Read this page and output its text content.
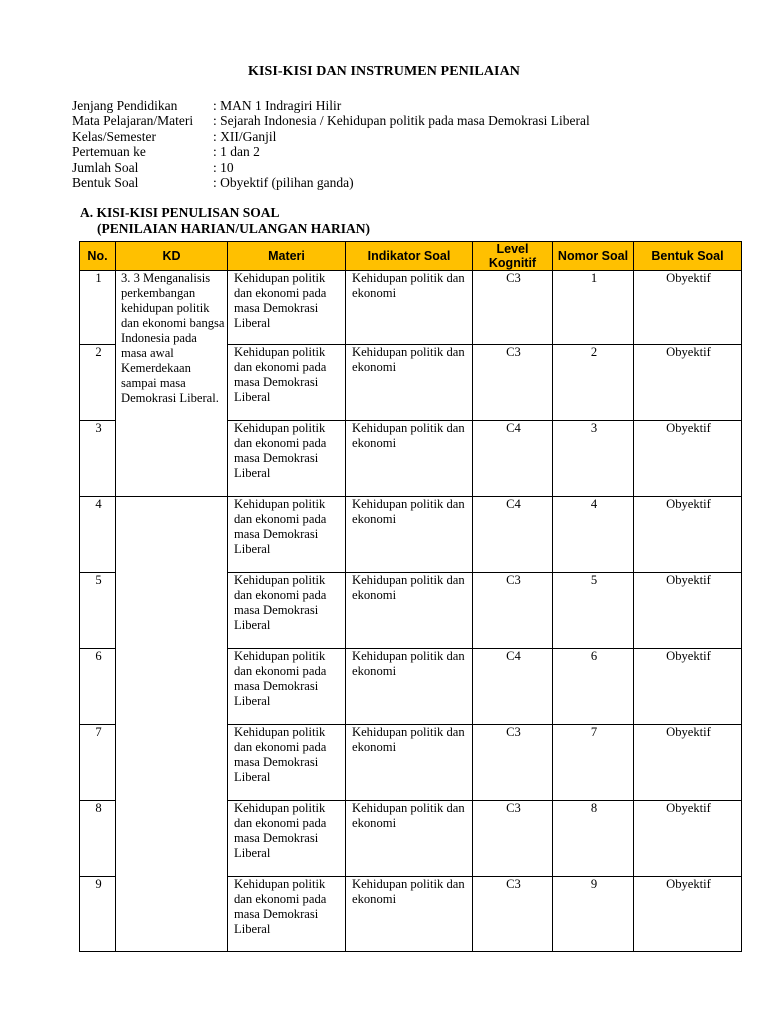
KISI-KISI DAN INSTRUMEN PENILAIAN
Jenjang Pendidikan	: MAN 1 Indragiri Hilir
Mata Pelajaran/Materi	: Sejarah Indonesia / Kehidupan politik pada masa Demokrasi Liberal
Kelas/Semester	: XII/Ganjil
Pertemuan ke	: 1 dan 2
Jumlah Soal	: 10
Bentuk Soal	: Obyektif (pilihan ganda)
A. KISI-KISI PENULISAN SOAL
(PENILAIAN HARIAN/ULANGAN HARIAN)
No.	KD	Materi	Indikator Soal	Level Kognitif	Nomor Soal	Bentuk Soal
1	3. 3 Menganalisis perkembangan kehidupan politik dan ekonomi bangsa Indonesia pada masa awal Kemerdekaan sampai masa Demokrasi Liberal.	Kehidupan politik dan ekonomi pada masa Demokrasi Liberal	Kehidupan politik dan ekonomi	C3	1	Obyektif
2		Kehidupan politik dan ekonomi pada masa Demokrasi Liberal	Kehidupan politik dan ekonomi	C3	2	Obyektif
3		Kehidupan politik dan ekonomi pada masa Demokrasi Liberal	Kehidupan politik dan ekonomi	C4	3	Obyektif
4		Kehidupan politik dan ekonomi pada masa Demokrasi Liberal	Kehidupan politik dan ekonomi	C4	4	Obyektif
5		Kehidupan politik dan ekonomi pada masa Demokrasi Liberal	Kehidupan politik dan ekonomi	C3	5	Obyektif
6		Kehidupan politik dan ekonomi pada masa Demokrasi Liberal	Kehidupan politik dan ekonomi	C4	6	Obyektif
7		Kehidupan politik dan ekonomi pada masa Demokrasi Liberal	Kehidupan politik dan ekonomi	C3	7	Obyektif
8		Kehidupan politik dan ekonomi pada masa Demokrasi Liberal	Kehidupan politik dan ekonomi	C3	8	Obyektif
9		Kehidupan politik dan ekonomi pada masa Demokrasi Liberal	Kehidupan politik dan ekonomi	C3	9	Obyektif
